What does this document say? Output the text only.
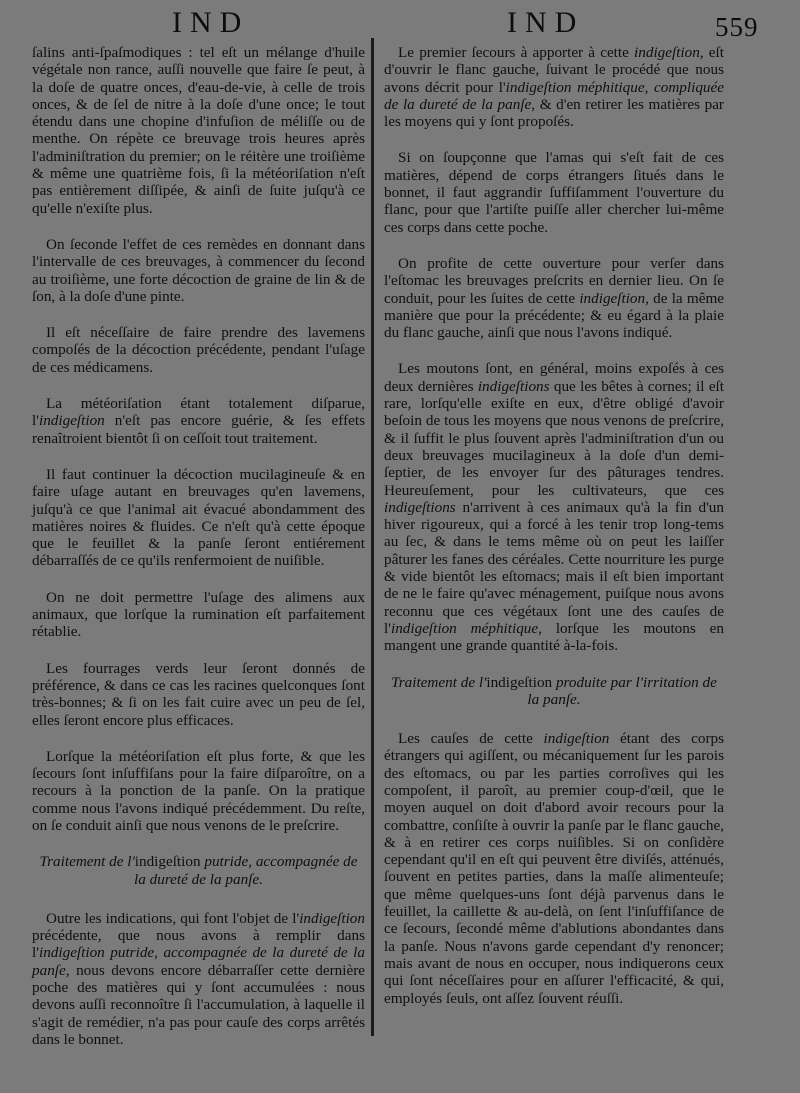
IND	IND	559

ſalins anti-ſpaſmodiques : tel eſt un mélange d'huile végétale non rance, auſſi nouvelle que faire ſe peut, à la doſe de quatre onces, d'eau-de-vie, à celle de trois onces, & de ſel de nitre à la doſe d'une once; le tout étendu dans une chopine d'infuſion de méliſſe ou de menthe. On répète ce breuvage trois heures après l'adminiſtration du premier; on le réitère une troiſième & même une quatrième fois, ſi la météoriſation n'eſt pas entièrement diſſipée, & ainſi de ſuite juſqu'à ce qu'elle n'exiſte plus.

On ſeconde l'effet de ces remèdes en donnant dans l'intervalle de ces breuvages, à commencer du ſecond au troiſième, une forte décoction de graine de lin & de ſon, à la doſe d'une pinte.

Il eſt néceſſaire de faire prendre des lavemens compoſés de la décoction précédente, pendant l'uſage de ces médicamens.

La météoriſation étant totalement diſparue, l'indigeſtion n'eſt pas encore guérie, & ſes effets renaîtroient bientôt ſi on ceſſoit tout traitement.

Il faut continuer la décoction mucilagineuſe & en faire uſage autant en breuvages qu'en lavemens, juſqu'à ce que l'animal ait évacué abondamment des matières noires & fluides. Ce n'eſt qu'à cette époque que le feuillet & la panſe ſeront entiérement débarraſſés de ce qu'ils renfermoient de nuiſible.

On ne doit permettre l'uſage des alimens aux animaux, que lorſque la rumination eſt parfaitement rétablie.

Les fourrages verds leur ſeront donnés de préférence, & dans ce cas les racines quelconques ſont très-bonnes; & ſi on les fait cuire avec un peu de ſel, elles ſeront encore plus efficaces.

Lorſque la météoriſation eſt plus forte, & que les ſecours ſont inſuffiſans pour la faire diſparoître, on a recours à la ponction de la panſe. On la pratique comme nous l'avons indiqué précédemment. Du reſte, on ſe conduit ainſi que nous venons de le preſcrire.

Traitement de l'indigeſtion putride, accompagnée de la dureté de la panſe.

Outre les indications, qui font l'objet de l'indigeſtion précédente, que nous avons à remplir dans l'indigeſtion putride, accompagnée de la dureté de la panſe, nous devons encore débarraſſer cette dernière poche des matières qui y ſont accumulées : nous devons auſſi reconnoître ſi l'accumulation, à laquelle il s'agit de remédier, n'a pas pour cauſe des corps arrêtés dans le bonnet.

Le premier ſecours à apporter à cette indigeſtion, eſt d'ouvrir le flanc gauche, ſuivant le procédé que nous avons décrit pour l'indigeſtion méphitique, compliquée de la dureté de la panſe, & d'en retirer les matières par les moyens qui y ſont propoſés.

Si on ſoupçonne que l'amas qui s'eſt fait de ces matières, dépend de corps étrangers ſitués dans le bonnet, il faut aggrandir ſuffiſamment l'ouverture du flanc, pour que l'artiſte puiſſe aller chercher lui-même ces corps dans cette poche.

On profite de cette ouverture pour verſer dans l'eſtomac les breuvages preſcrits en dernier lieu. On ſe conduit, pour les ſuites de cette indigeſtion, de la même manière que pour la précédente; & eu égard à la plaie du flanc gauche, ainſi que nous l'avons indiqué.

Les moutons ſont, en général, moins expoſés à ces deux dernières indigeſtions que les bêtes à cornes; il eſt rare, lorſqu'elle exiſte en eux, d'être obligé d'avoir beſoin de tous les moyens que nous venons de preſcrire, & il ſuffit le plus ſouvent après l'adminiſtration d'un ou deux breuvages mucilagineux à la doſe d'un demi-ſeptier, de les envoyer ſur des pâturages tendres. Heureuſement, pour les cultivateurs, que ces indigeſtions n'arrivent à ces animaux qu'à la fin d'un hiver rigoureux, qui a forcé à les tenir trop long-tems au ſec, & dans le tems même où on peut les laiſſer pâturer les fanes des céréales. Cette nourriture les purge & vide bientôt les eſtomacs; mais il eſt bien important de ne le faire qu'avec ménagement, puiſque nous avons reconnu que ces végétaux ſont une des cauſes de l'indigeſtion méphitique, lorſque les moutons en mangent une grande quantité à-la-fois.

Traitement de l'indigeſtion produite par l'irritation de la panſe.

Les cauſes de cette indigeſtion étant des corps étrangers qui agiſſent, ou mécaniquement ſur les parois des eſtomacs, ou par les parties corroſives qui les compoſent, il paroît, au premier coup-d'œil, que le moyen auquel on doit d'abord avoir recours pour la combattre, conſiſte à ouvrir la panſe par le flanc gauche, & à en retirer ces corps nuiſibles. Si on conſidère cependant qu'il en eſt qui peuvent être diviſés, atténués, ſouvent en petites parties, dans la maſſe alimenteuſe; que même quelques-uns ſont déjà parvenus dans le feuillet, la caillette & au-delà, on ſent l'inſuffiſance de ce ſecours, ſecondé même d'ablutions abondantes dans la panſe. Nous n'avons garde cependant d'y renoncer; mais avant de nous en occuper, nous indiquerons ceux qui ſont néceſſaires pour en aſſurer l'efficacité, & qui, employés ſeuls, ont aſſez ſouvent réuſſi.
